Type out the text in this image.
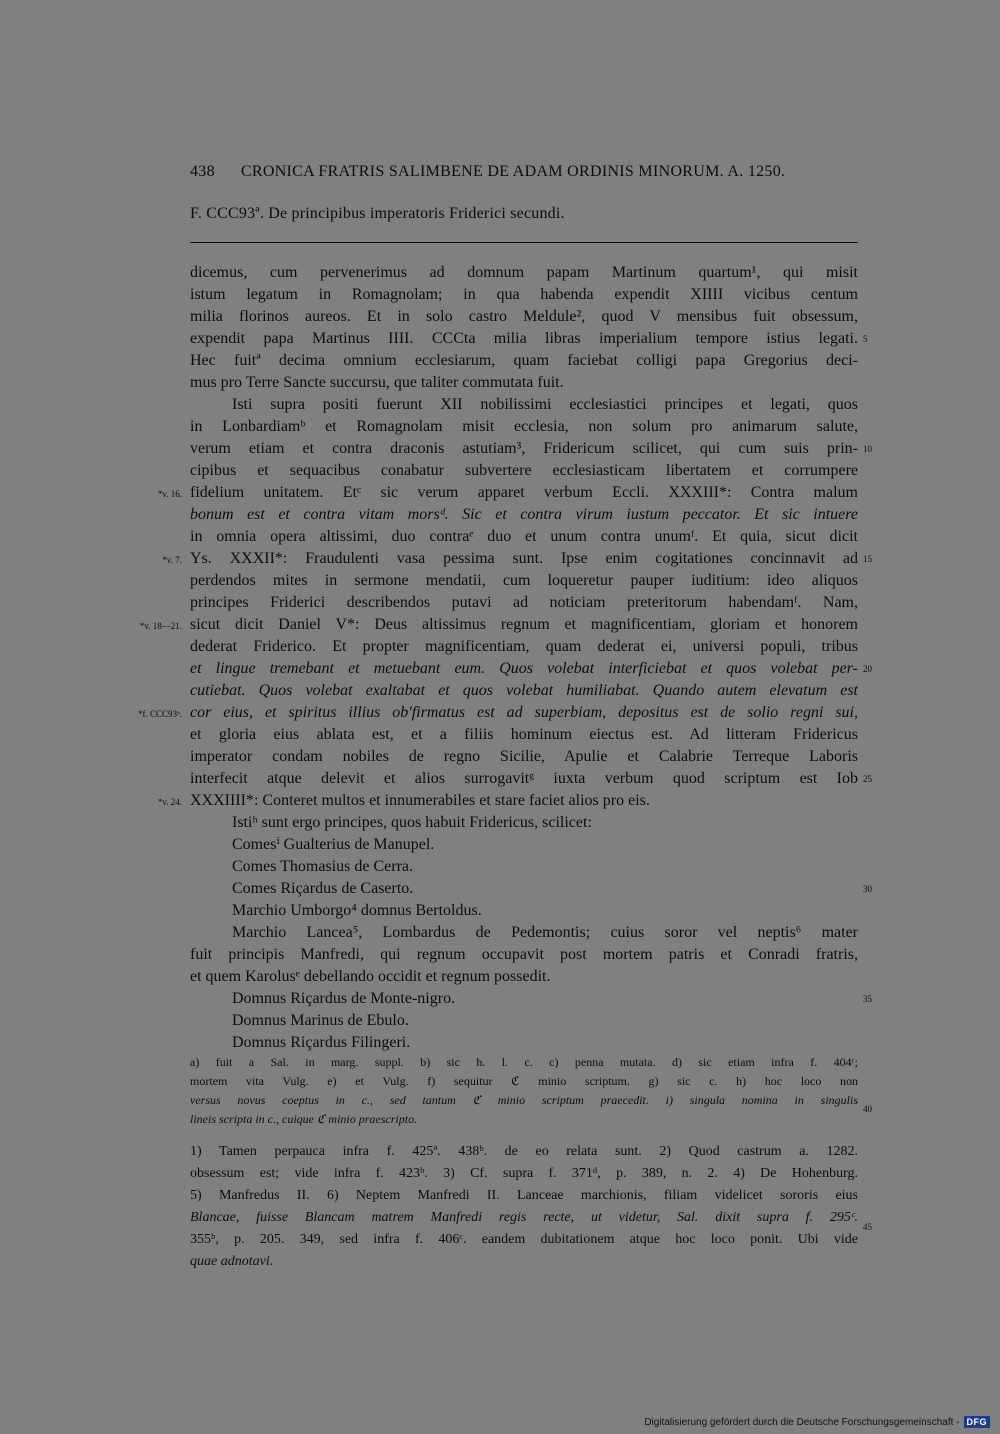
438 CRONICA FRATRIS SALIMBENE DE ADAM ORDINIS MINORUM. A. 1250.
F. CCC93ª. De principibus imperatoris Friderici secundi.
dicemus, cum pervenerimus ad domnum papam Martinum quartum¹, qui misit
istum legatum in Romagnolam; in qua habenda expendit XIIII vicibus centum
milia florinos aureos. Et in solo castro Meldule², quod V mensibus fuit obsessum,
expendit papa Martinus IIII. CCCta milia libras imperialium tempore istius legati.
Hec fuitª decima omnium ecclesiarum, quam faciebat colligi papa Gregorius deci-
mus pro Terre Sancte succursu, que taliter commutata fuit.
Isti supra positi fuerunt XII nobilissimi ecclesiastici principes et legati, quos
in Lonbardiamᵇ et Romagnolam misit ecclesia, non solum pro animarum salute,
verum etiam et contra draconis astutiam³, Fridericum scilicet, qui cum suis prin-
cipibus et sequacibus conabatur subvertere ecclesiasticam libertatem et corrumpere
fidelium unitatem. Etᶜ sic verum apparet verbum Eccli. XXXIII*: Contra malum
bonum est et contra vitam morsᵈ. Sic et contra virum iustum peccator. Et sic intuere
in omnia opera altissimi, duo contraᵉ duo et unum contra unumᶠ. Et quia, sicut dicit
Ys. XXXII*: Fraudulenti vasa pessima sunt. Ipse enim cogitationes concinnavit ad
perdendos mites in sermone mendatii, cum loqueretur pauper iuditium: ideo aliquos
principes Friderici describendos putavi ad noticiam preteritorum habendamᶠ. Nam,
sicut dicit Daniel V*: Deus altissimus regnum et magnificentiam, gloriam et honorem
dederat Friderico. Et propter magnificentiam, quam dederat ei, universi populi, tribus
et lingue tremebant et metuebant eum. Quos volebat interficiebat et quos volebat per-
cutiebat. Quos volebat exaltabat et quos volebat humiliabat. Quando autem elevatum est
cor eius, et spiritus illius ob'firmatus est ad superbiam, depositus est de solio regni sui,
et gloria eius ablata est, et a filiis hominum eiectus est. Ad litteram Fridericus
imperator condam nobiles de regno Sicilie, Apulie et Calabrie Terreque Laboris
interfecit atque delevit et alios surrogavitᵍ iuxta verbum quod scriptum est Iob
XXXIIII*: Conteret multos et innumerabiles et stare faciet alios pro eis.
Istiʰ sunt ergo principes, quos habuit Fridericus, scilicet:
Comesⁱ Gualterius de Manupel.
Comes Thomasius de Cerra.
Comes Riçardus de Caserto.
Marchio Umborgo⁴ domnus Bertoldus.
Marchio Lancea⁵, Lombardus de Pedemontis; cuius soror vel neptis⁶ mater
fuit principis Manfredi, qui regnum occupavit post mortem patris et Conradi fratris,
et quem Karolusᵉ debellando occidit et regnum possedit.
Domnus Riçardus de Monte-nigro.
Domnus Marinus de Ebulo.
Domnus Riçardus Filingeri.
5
10
15
20
25
30
35
40
45
*v. 16.
*v. 7.
*v. 18—21.
*f. CCC93ᵇ.
*v. 24.
a) fuit a Sal. in marg. suppl. b) sic h. l. c. c) penna mutata. d) sic etiam infra f. 404ᶜ;
mortem vita Vulg. e) et Vulg. f) sequitur ℭ minio scriptum. g) sic c. h) hoc loco non
versus novus coeptus in c., sed tantum ℭ minio scriptum praecedit. i) singula nomina in singulis
lineis scripta in c., cuique ℭ minio praescripto.
1) Tamen perpauca infra f. 425ª. 438ᵇ. de eo relata sunt. 2) Quod castrum a. 1282.
obsessum est; vide infra f. 423ᵇ. 3) Cf. supra f. 371ᵈ, p. 389, n. 2. 4) De Hohenburg.
5) Manfredus II. 6) Neptem Manfredi II. Lanceae marchionis, filiam videlicet sororis eius
Blancae, fuisse Blancam matrem Manfredi regis recte, ut videtur, Sal. dixit supra f. 295ᶜ.
355ᵇ, p. 205. 349, sed infra f. 406ᶜ. eandem dubitationem atque hoc loco ponit. Ubi vide
quae adnotavi.
Digitalisierung gefördert durch die Deutsche Forschungsgemeinschaft - DFG
